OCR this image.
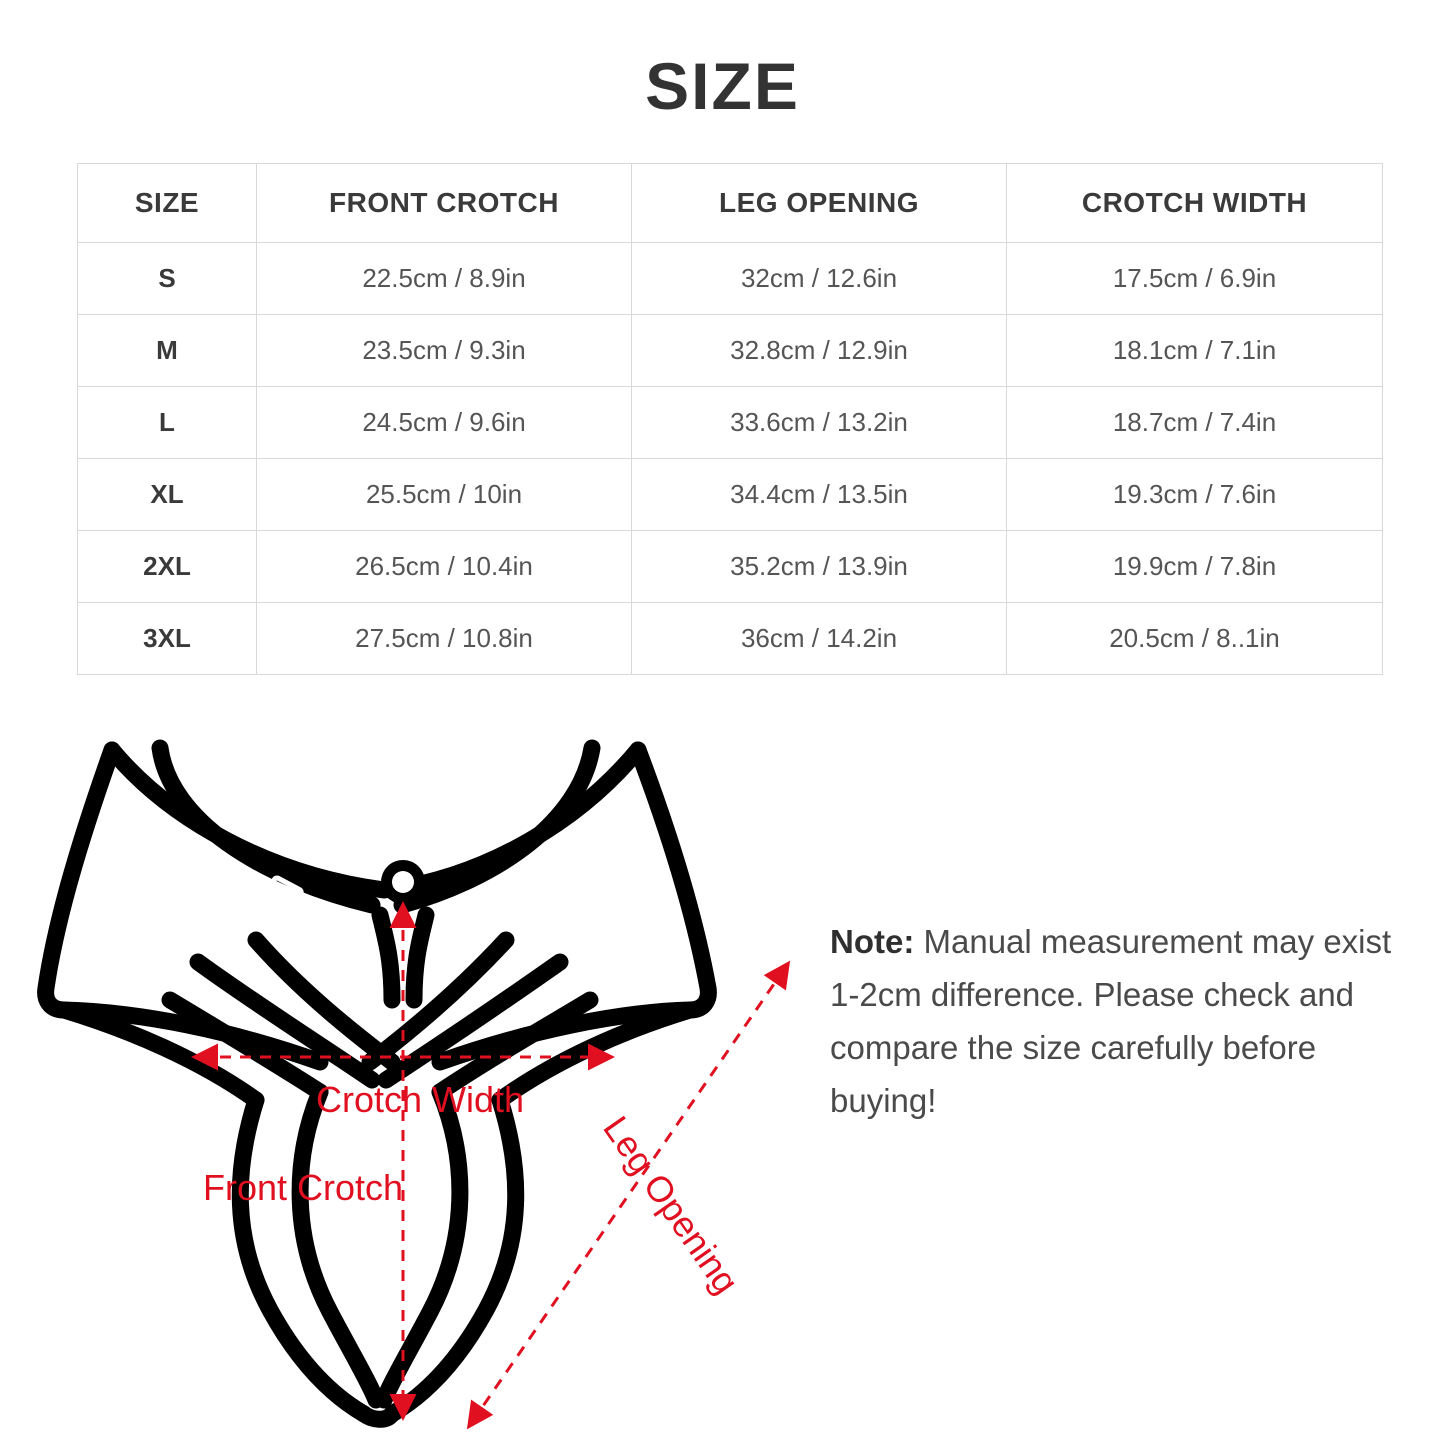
SIZE
SIZE	FRONT CROTCH	LEG OPENING	CROTCH WIDTH
S	22.5cm / 8.9in	32cm / 12.6in	17.5cm / 6.9in
M	23.5cm / 9.3in	32.8cm / 12.9in	18.1cm / 7.1in
L	24.5cm / 9.6in	33.6cm / 13.2in	18.7cm / 7.4in
XL	25.5cm / 10in	34.4cm / 13.5in	19.3cm / 7.6in
2XL	26.5cm / 10.4in	35.2cm / 13.9in	19.9cm / 7.8in
3XL	27.5cm / 10.8in	36cm / 14.2in	20.5cm / 8..1in
Crotch Width
Front Crotch	Leg Opening
Note: Manual measurement may exist 1-2cm difference. Please check and compare the size carefully before buying!
